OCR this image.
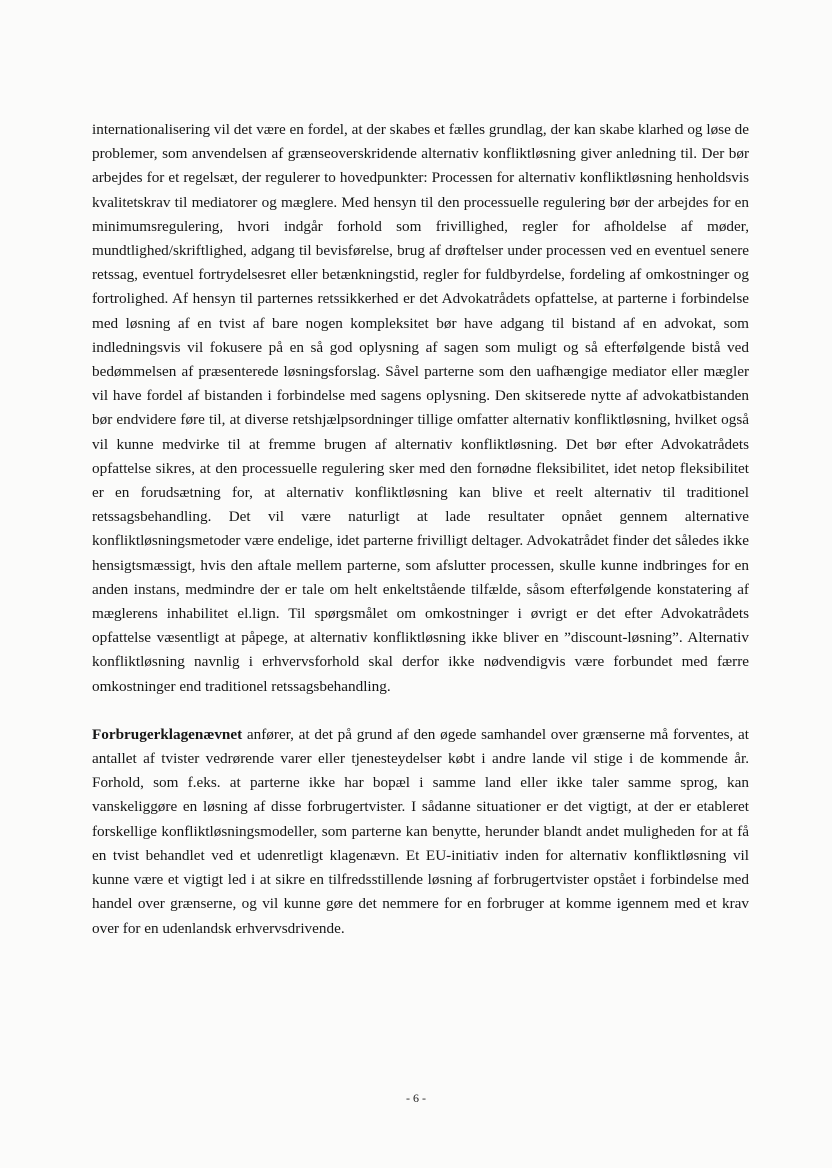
internationalisering vil det være en fordel, at der skabes et fælles grundlag, der kan skabe klarhed og løse de problemer, som anvendelsen af grænseoverskridende alternativ konfliktløsning giver anledning til. Der bør arbejdes for et regelsæt, der regulerer to hovedpunkter: Processen for alternativ konfliktløsning henholdsvis kvalitetskrav til mediatorer og mæglere. Med hensyn til den processuelle regulering bør der arbejdes for en minimumsregulering, hvori indgår forhold som frivillighed, regler for afholdelse af møder, mundtlighed/skriftlighed, adgang til bevisførelse, brug af drøftelser under processen ved en eventuel senere retssag, eventuel fortrydelsesret eller betænkningstid, regler for fuldbyrdelse, fordeling af omkostninger og fortrolighed. Af hensyn til parternes retssikkerhed er det Advokatrådets opfattelse, at parterne i forbindelse med løsning af en tvist af bare nogen kompleksitet bør have adgang til bistand af en advokat, som indledningsvis vil fokusere på en så god oplysning af sagen som muligt og så efterfølgende bistå ved bedømmelsen af præsenterede løsningsforslag. Såvel parterne som den uafhængige mediator eller mægler vil have fordel af bistanden i forbindelse med sagens oplysning. Den skitserede nytte af advokatbistanden bør endvidere føre til, at diverse retshjælpsordninger tillige omfatter alternativ konfliktløsning, hvilket også vil kunne medvirke til at fremme brugen af alternativ konfliktløsning. Det bør efter Advokatrådets opfattelse sikres, at den processuelle regulering sker med den fornødne fleksibilitet, idet netop fleksibilitet er en forudsætning for, at alternativ konfliktløsning kan blive et reelt alternativ til traditionel retssagsbehandling. Det vil være naturligt at lade resultater opnået gennem alternative konfliktløsningsmetoder være endelige, idet parterne frivilligt deltager. Advokatrådet finder det således ikke hensigtsmæssigt, hvis den aftale mellem parterne, som afslutter processen, skulle kunne indbringes for en anden instans, medmindre der er tale om helt enkeltstående tilfælde, såsom efterfølgende konstatering af mæglerens inhabilitet el.lign. Til spørgsmålet om omkostninger i øvrigt er det efter Advokatrådets opfattelse væsentligt at påpege, at alternativ konfliktløsning ikke bliver en ”discount-løsning”. Alternativ konfliktløsning navnlig i erhvervsforhold skal derfor ikke nødvendigvis være forbundet med færre omkostninger end traditionel retssagsbehandling.

Forbrugerklagenævnet anfører, at det på grund af den øgede samhandel over grænserne må forventes, at antallet af tvister vedrørende varer eller tjenesteydelser købt i andre lande vil stige i de kommende år. Forhold, som f.eks. at parterne ikke har bopæl i samme land eller ikke taler samme sprog, kan vanskeliggøre en løsning af disse forbrugertvister. I sådanne situationer er det vigtigt, at der er etableret forskellige konfliktløsningsmodeller, som parterne kan benytte, herunder blandt andet muligheden for at få en tvist behandlet ved et udenretligt klagenævn. Et EU-initiativ inden for alternativ konfliktløsning vil kunne være et vigtigt led i at sikre en tilfredsstillende løsning af forbrugertvister opstået i forbindelse med handel over grænserne, og vil kunne gøre det nemmere for en forbruger at komme igennem med et krav over for en udenlandsk erhvervsdrivende.

- 6 -
